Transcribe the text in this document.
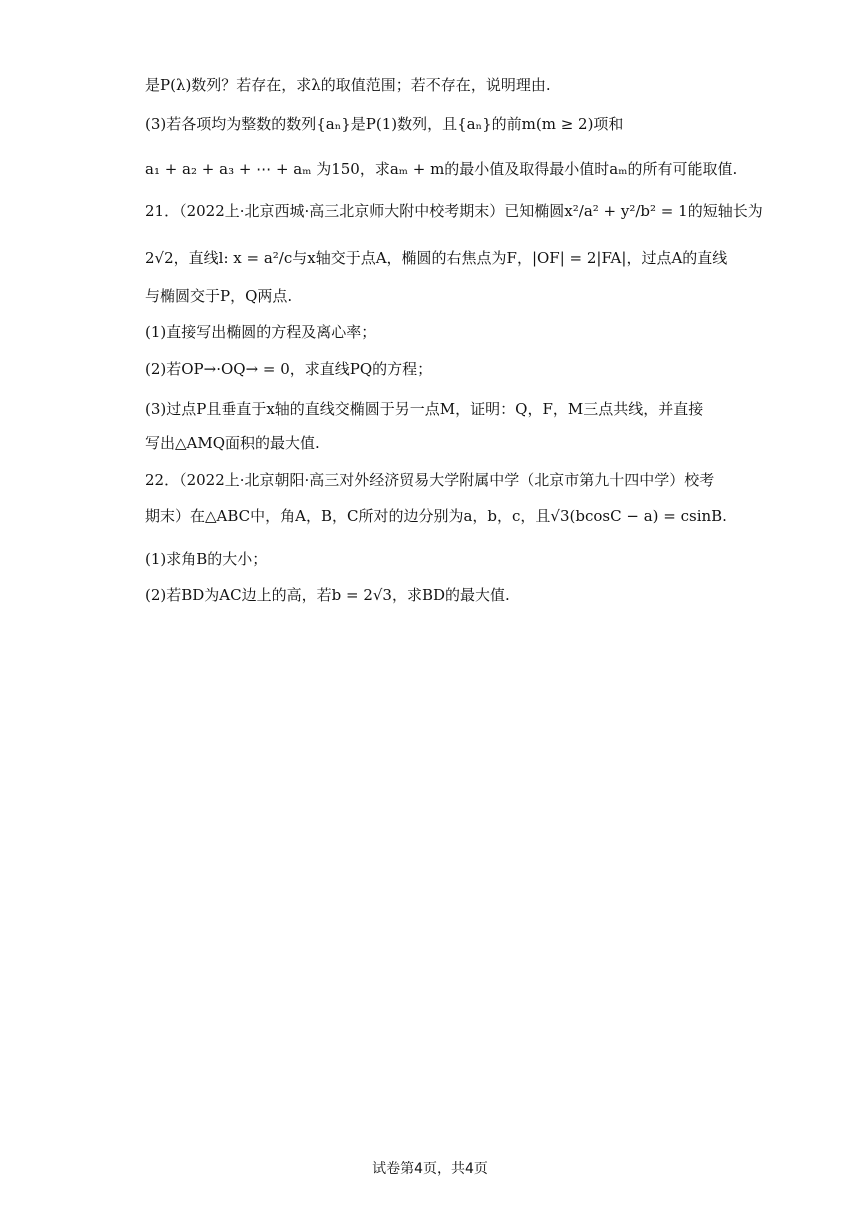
是P(λ)数列？若存在，求λ的取值范围；若不存在，说明理由.
(3)若各项均为整数的数列{aₙ}是P(1)数列，且{aₙ}的前m(m ≥ 2)项和
a₁ + a₂ + a₃ + ⋯ + aₘ 为150，求aₘ + m的最小值及取得最小值时aₘ的所有可能取值.
21．（2022上·北京西城·高三北京师大附中校考期末）已知椭圆x²/a² + y²/b² = 1的短轴长为
2√2，直线l: x = a²/c与x轴交于点A，椭圆的右焦点为F，|OF| = 2|FA|，过点A的直线
与椭圆交于P，Q两点.
(1)直接写出椭圆的方程及离心率；
(2)若OP→·OQ→ = 0，求直线PQ的方程；
(3)过点P且垂直于x轴的直线交椭圆于另一点M，证明：Q，F，M三点共线，并直接
写出△AMQ面积的最大值.
22．（2022上·北京朝阳·高三对外经济贸易大学附属中学（北京市第九十四中学）校考
期末）在△ABC中，角A，B，C所对的边分别为a，b，c，且√3(bcosC − a) = csinB.
(1)求角B的大小；
(2)若BD为AC边上的高，若b = 2√3，求BD的最大值.
试卷第4页，共4页
